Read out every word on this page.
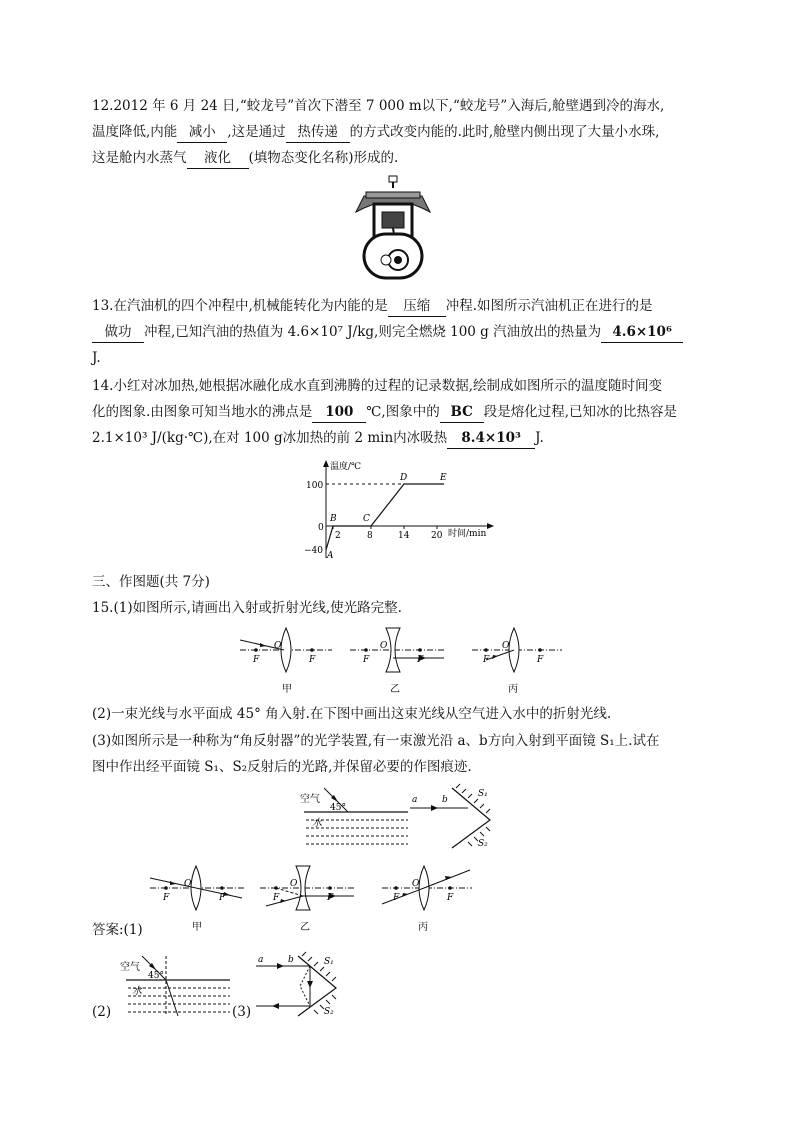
12.2012 年 6 月 24 日,“蛟龙号”首次下潜至 7 000 m以下,“蛟龙号”入海后,舱壁遇到冷的海水,
温度降低,内能 减小 ,这是通过 热传递 的方式改变内能的.此时,舱壁内侧出现了大量小水珠,
这是舱内水蒸气 液化 (填物态变化名称)形成的.
13.在汽油机的四个冲程中,机械能转化为内能的是 压缩 冲程.如图所示汽油机正在进行的是
做功 冲程,已知汽油的热值为 4.6×10⁷ J/kg,则完全燃烧 100 g 汽油放出的热量为 4.6×10⁶
J.
14.小红对冰加热,她根据冰融化成水直到沸腾的过程的记录数据,绘制成如图所示的温度随时间变
化的图象.由图象可知当地水的沸点是 100 ℃,图象中的 BC 段是熔化过程,已知冰的比热容是
2.1×10³ J/(kg·℃),在对 100 g冰加热的前 2 min内冰吸热 8.4×10³ J.
温度/℃
100
0
−40
2	8	14 20 时间/min
A
B	C
D	E
三、作图题(共 7分)
15.(1)如图所示,请画出入射或折射光线,使光路完整.
F	F
O
甲
F	F
O
乙
F	F
O
丙
(2)一束光线与水平面成 45° 角入射.在下图中画出这束光线从空气进入水中的折射光线.
(3)如图所示是一种称为“角反射器”的光学装置,有一束激光沿 a、b方向入射到平面镜 S₁上.试在
图中作出经平面镜 S₁、S₂反射后的光路,并保留必要的作图痕迹.
空气
45°
水
a	b
S₁
S₂
F	F
O
甲
F	F
O
乙
F	F
O
丙
答案:(1)
空气
45°
水
(2)
a	b	S₁
S₂
(3)
